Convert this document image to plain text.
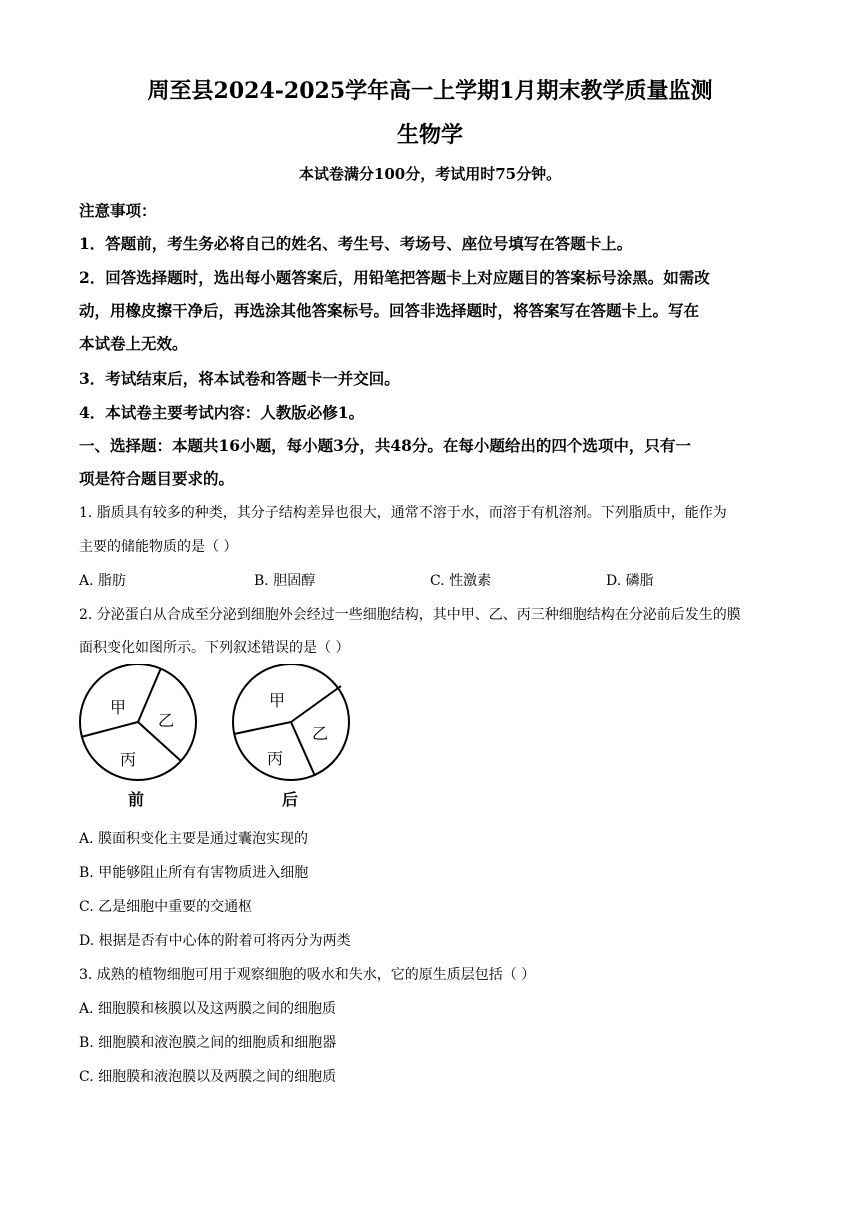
周至县2024-2025学年高一上学期1月期末教学质量监测
生物学
本试卷满分100分，考试用时75分钟。
注意事项：
1．答题前，考生务必将自己的姓名、考生号、考场号、座位号填写在答题卡上。
2．回答选择题时，选出每小题答案后，用铅笔把答题卡上对应题目的答案标号涂黑。如需改
动，用橡皮擦干净后，再选涂其他答案标号。回答非选择题时，将答案写在答题卡上。写在
本试卷上无效。
3．考试结束后，将本试卷和答题卡一并交回。
4．本试卷主要考试内容：人教版必修1。
一、选择题：本题共16小题，每小题3分，共48分。在每小题给出的四个选项中，只有一
项是符合题目要求的。
1. 脂质具有较多的种类，其分子结构差异也很大，通常不溶于水，而溶于有机溶剂。下列脂质中，能作为
主要的储能物质的是（ ）
A. 脂肪	B. 胆固醇	C. 性激素	D. 磷脂
2. 分泌蛋白从合成至分泌到细胞外会经过一些细胞结构，其中甲、乙、丙三种细胞结构在分泌前后发生的膜
面积变化如图所示。下列叙述错误的是（ ）
甲
乙
丙
甲
乙
丙
前	后
A. 膜面积变化主要是通过囊泡实现的
B. 甲能够阻止所有有害物质进入细胞
C. 乙是细胞中重要的交通枢
D. 根据是否有中心体的附着可将丙分为两类
3. 成熟的植物细胞可用于观察细胞的吸水和失水，它的原生质层包括（ ）
A. 细胞膜和核膜以及这两膜之间的细胞质
B. 细胞膜和液泡膜之间的细胞质和细胞器
C. 细胞膜和液泡膜以及两膜之间的细胞质
